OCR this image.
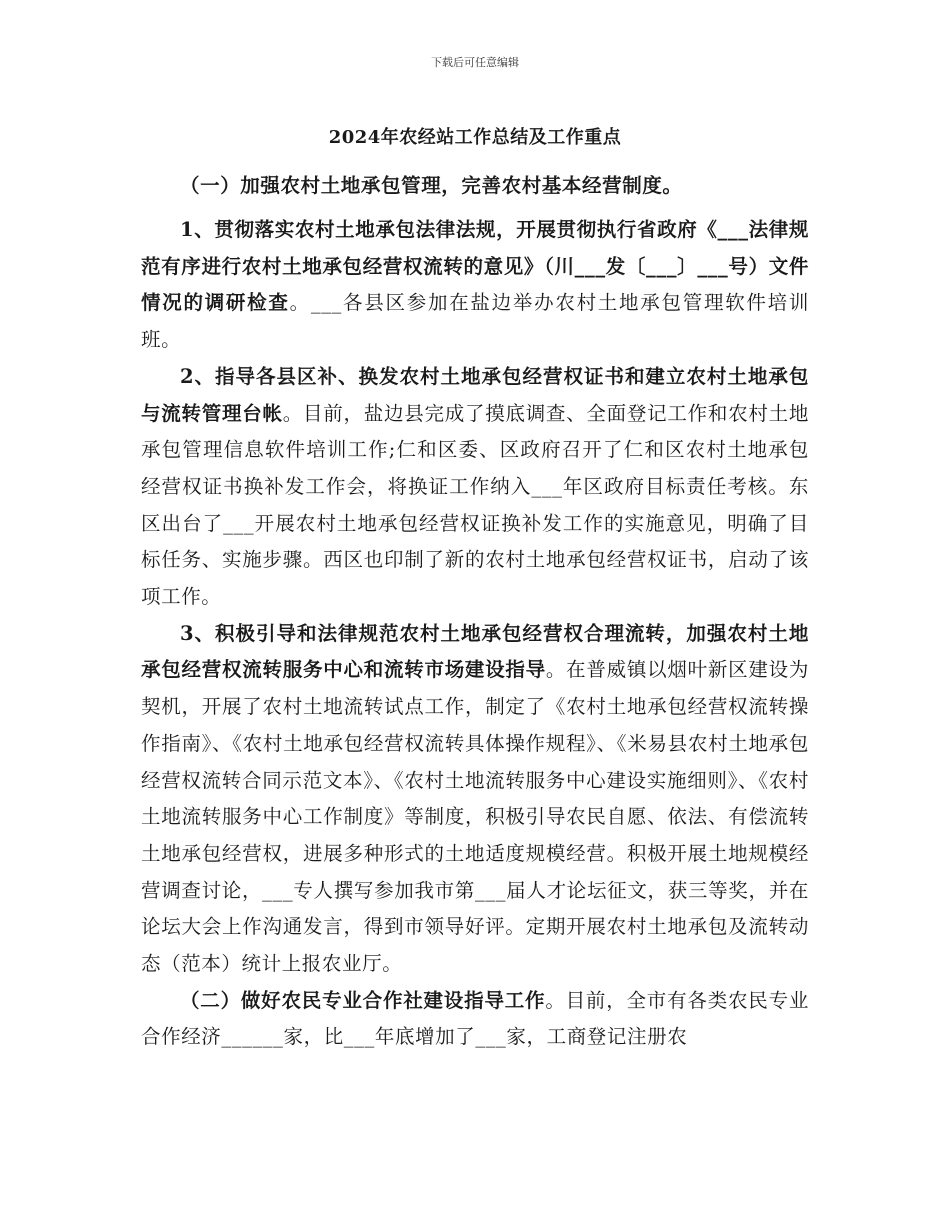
下载后可任意编辑
2024年农经站工作总结及工作重点

（一）加强农村土地承包管理，完善农村基本经营制度。

1、贯彻落实农村土地承包法律法规，开展贯彻执行省政府《___法律规范有序进行农村土地承包经营权流转的意见》（川___发〔___〕___号）文件情况的调研检查。___各县区参加在盐边举办农村土地承包管理软件培训班。

2、指导各县区补、换发农村土地承包经营权证书和建立农村土地承包与流转管理台帐。目前，盐边县完成了摸底调查、全面登记工作和农村土地承包管理信息软件培训工作;仁和区委、区政府召开了仁和区农村土地承包经营权证书换补发工作会，将换证工作纳入___年区政府目标责任考核。东区出台了___开展农村土地承包经营权证换补发工作的实施意见，明确了目标任务、实施步骤。西区也印制了新的农村土地承包经营权证书，启动了该项工作。

3、积极引导和法律规范农村土地承包经营权合理流转，加强农村土地承包经营权流转服务中心和流转市场建设指导。在普威镇以烟叶新区建设为契机，开展了农村土地流转试点工作，制定了《农村土地承包经营权流转操作指南》、《农村土地承包经营权流转具体操作规程》、《米易县农村土地承包经营权流转合同示范文本》、《农村土地流转服务中心建设实施细则》、《农村土地流转服务中心工作制度》等制度，积极引导农民自愿、依法、有偿流转土地承包经营权，进展多种形式的土地适度规模经营。积极开展土地规模经营调查讨论，___专人撰写参加我市第___届人才论坛征文，获三等奖，并在论坛大会上作沟通发言，得到市领导好评。定期开展农村土地承包及流转动态（范本）统计上报农业厅。

（二）做好农民专业合作社建设指导工作。目前，全市有各类农民专业合作经济______家，比___年底增加了___家，工商登记注册农
